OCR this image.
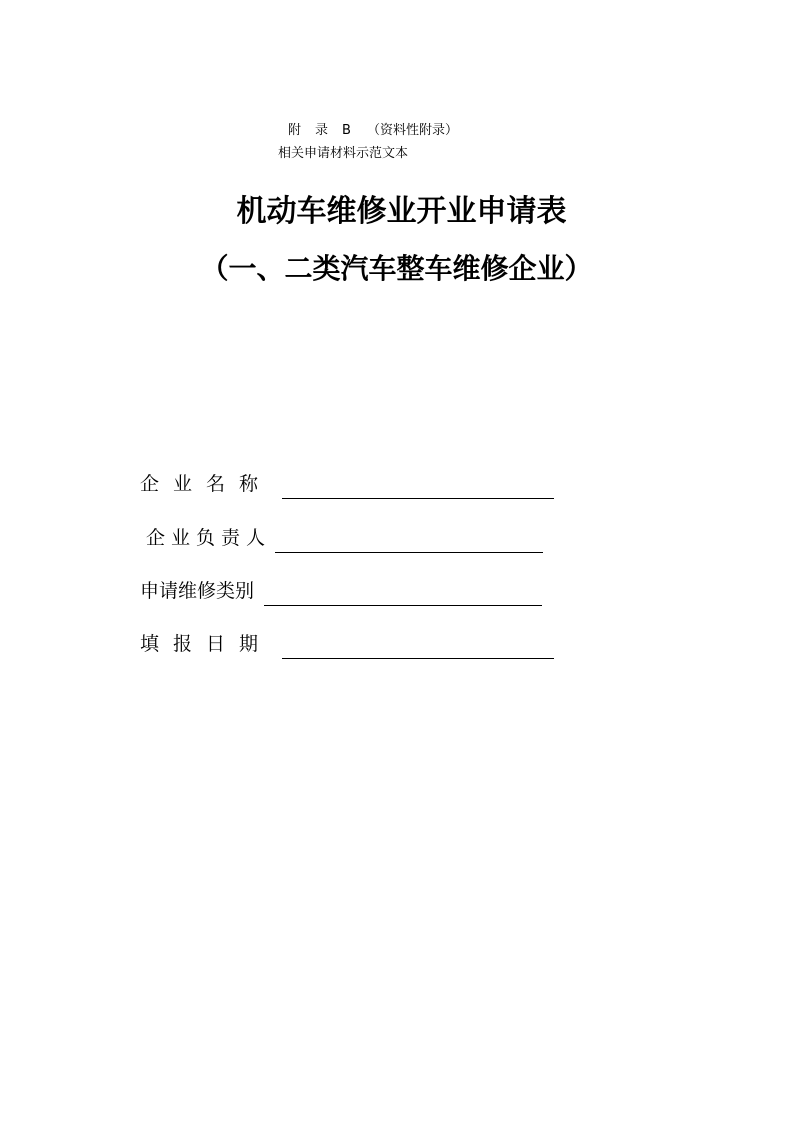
附 录 B （资料性附录）
相关申请材料示范文本
机动车维修业开业申请表
（一、二类汽车整车维修企业）
企业名称
企业负责人
申请维修类别
填报日期
